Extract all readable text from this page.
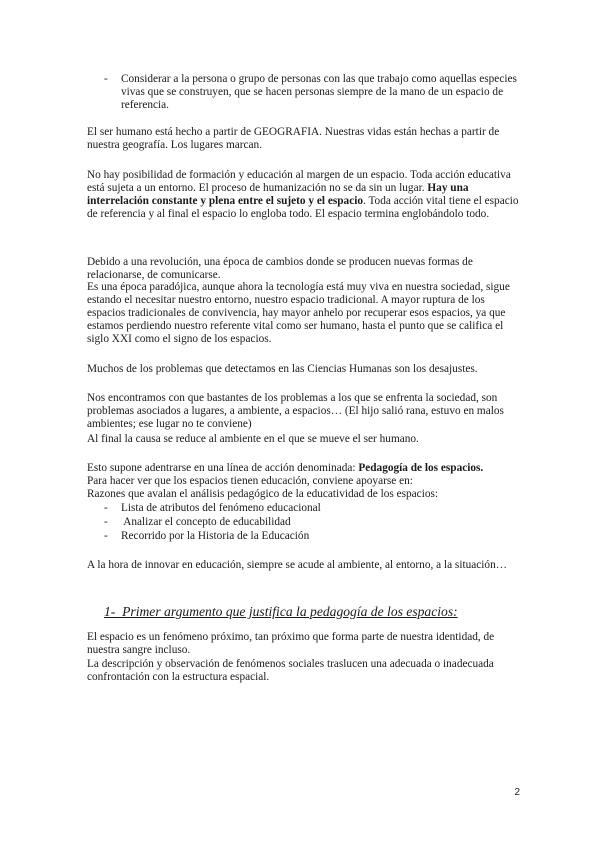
- Considerar a la persona o grupo de personas con las que trabajo como aquellas especies vivas que se construyen, que se hacen personas siempre de la mano de un espacio de referencia.

El ser humano está hecho a partir de GEOGRAFIA. Nuestras vidas están hechas a partir de nuestra geografía. Los lugares marcan.

No hay posibilidad de formación y educación al margen de un espacio. Toda acción educativa está sujeta a un entorno. El proceso de humanización no se da sin un lugar. Hay una interrelación constante y plena entre el sujeto y el espacio. Toda acción vital tiene el espacio de referencia y al final el espacio lo engloba todo. El espacio termina englobándolo todo.

Debido a una revolución, una época de cambios donde se producen nuevas formas de relacionarse, de comunicarse.

Es una época paradójica, aunque ahora la tecnología está muy viva en nuestra sociedad, sigue estando el necesitar nuestro entorno, nuestro espacio tradicional. A mayor ruptura de los espacios tradicionales de convivencia, hay mayor anhelo por recuperar esos espacios, ya que estamos perdiendo nuestro referente vital como ser humano, hasta el punto que se califica el siglo XXI como el signo de los espacios.

Muchos de los problemas que detectamos en las Ciencias Humanas son los desajustes.

Nos encontramos con que bastantes de los problemas a los que se enfrenta la sociedad, son problemas asociados a lugares, a ambiente, a espacios… (El hijo salió rana, estuvo en malos ambientes; ese lugar no te conviene)

Al final la causa se reduce al ambiente en el que se mueve el ser humano.

Esto supone adentrarse en una línea de acción denominada: Pedagogía de los espacios.

Para hacer ver que los espacios tienen educación, conviene apoyarse en:

Razones que avalan el análisis pedagógico de la educatividad de los espacios:

- Lista de atributos del fenómeno educacional
- Analizar el concepto de educabilidad
- Recorrido por la Historia de la Educación

A la hora de innovar en educación, siempre se acude al ambiente, al entorno, a la situación…

1-  Primer argumento que justifica la pedagogía de los espacios:

El espacio es un fenómeno próximo, tan próximo que forma parte de nuestra identidad, de nuestra sangre incluso.

La descripción y observación de fenómenos sociales traslucen una adecuada o inadecuada confrontación con la estructura espacial.

2
